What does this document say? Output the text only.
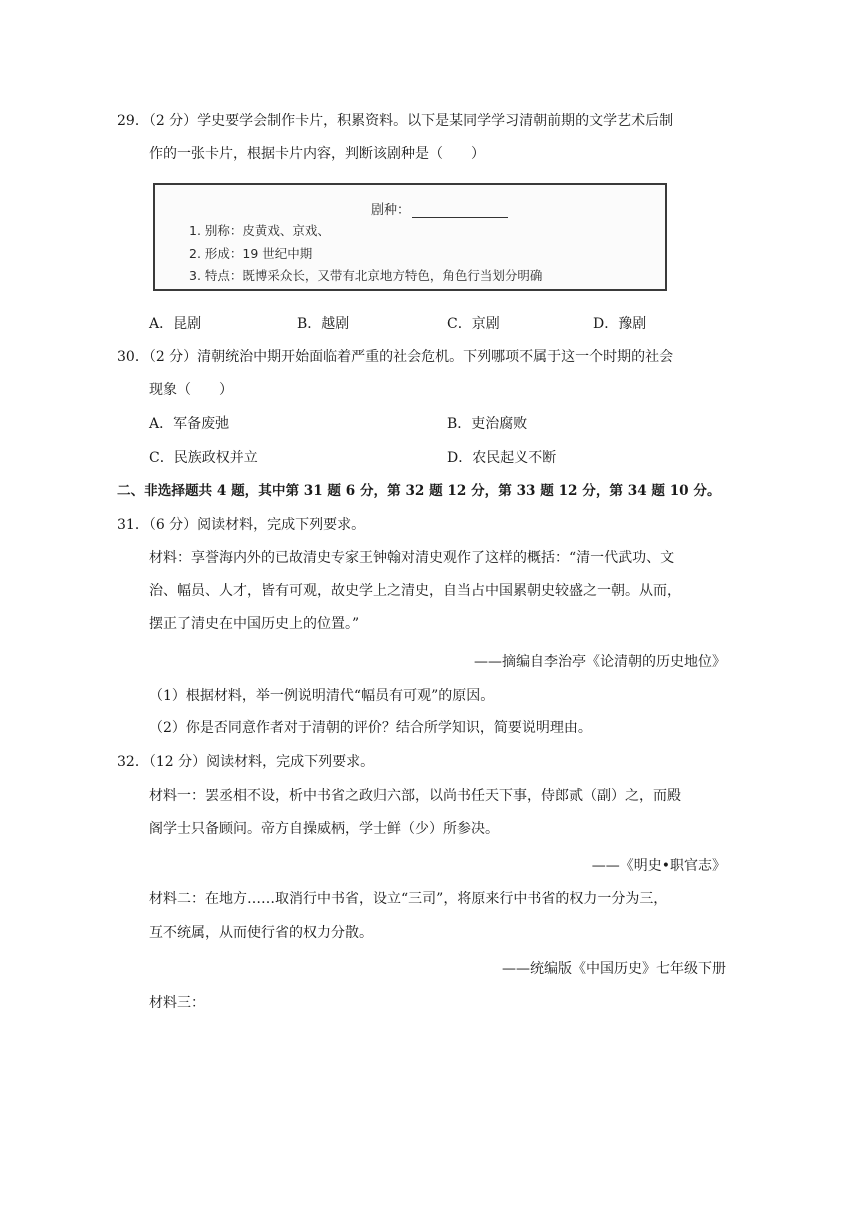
29．（2 分）学史要学会制作卡片，积累资料。以下是某同学学习清朝前期的文学艺术后制
作的一张卡片，根据卡片内容，判断该剧种是（　　）
剧种：
1. 别称：皮黄戏、京戏、
2. 形成：19 世纪中期
3. 特点：既博采众长，又带有北京地方特色，角色行当划分明确
A．昆剧	B．越剧	C．京剧	D．豫剧
30．（2 分）清朝统治中期开始面临着严重的社会危机。下列哪项不属于这一个时期的社会
现象（　　）
A．军备废弛	B．吏治腐败
C．民族政权并立	D．农民起义不断
二、非选择题共 4 题，其中第 31 题 6 分，第 32 题 12 分，第 33 题 12 分，第 34 题 10 分。
31．（6 分）阅读材料，完成下列要求。
材料：享誉海内外的已故清史专家王钟翰对清史观作了这样的概括：“清一代武功、文
治、幅员、人才，皆有可观，故史学上之清史，自当占中国累朝史较盛之一朝。从而，
摆正了清史在中国历史上的位置。”
——摘编自李治亭《论清朝的历史地位》
（1）根据材料，举一例说明清代“幅员有可观”的原因。
（2）你是否同意作者对于清朝的评价？结合所学知识，简要说明理由。
32．（12 分）阅读材料，完成下列要求。
材料一：罢丞相不设，析中书省之政归六部，以尚书任天下事，侍郎贰（副）之，而殿
阁学士只备顾问。帝方自操威柄，学士鲜（少）所参决。
——《明史•职官志》
材料二：在地方……取消行中书省，设立“三司”，将原来行中书省的权力一分为三，
互不统属，从而使行省的权力分散。
——统编版《中国历史》七年级下册
材料三：
